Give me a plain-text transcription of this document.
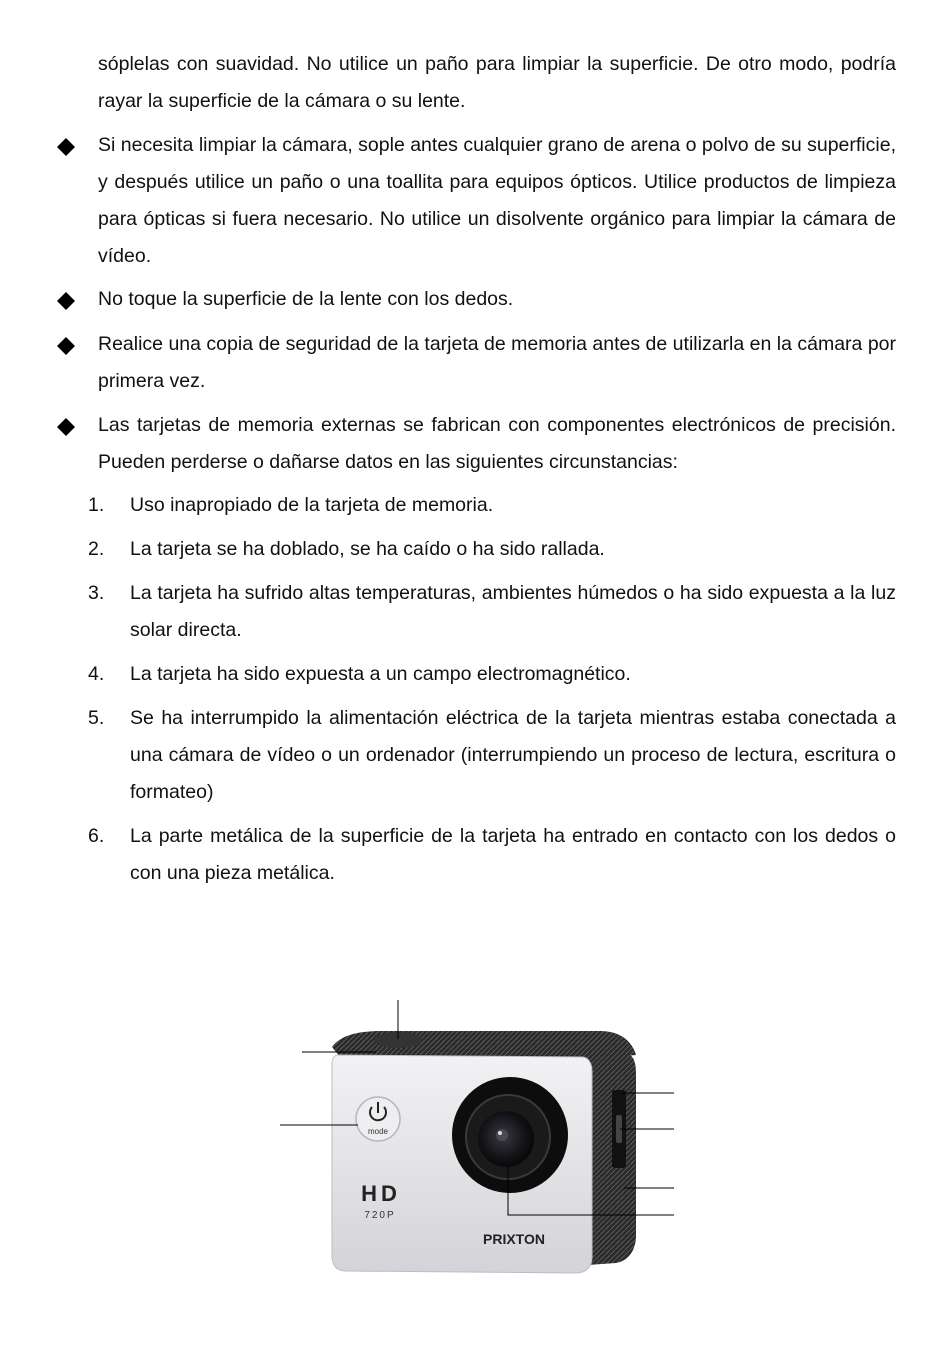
sóplelas con suavidad. No utilice un paño para limpiar la superficie. De otro modo, podría rayar la superficie de la cámara o su lente.
Si necesita limpiar la cámara, sople antes cualquier grano de arena o polvo de su superficie, y después utilice un paño o una toallita para equipos ópticos. Utilice productos de limpieza para ópticas si fuera necesario. No utilice un disolvente orgánico para limpiar la cámara de vídeo.
No toque la superficie de la lente con los dedos.
Realice una copia de seguridad de la tarjeta de memoria antes de utilizarla en la cámara por primera vez.
Las tarjetas de memoria externas se fabrican con componentes electrónicos de precisión. Pueden perderse o dañarse datos en las siguientes circunstancias:
1. Uso inapropiado de la tarjeta de memoria.
2. La tarjeta se ha doblado, se ha caído o ha sido rallada.
3. La tarjeta ha sufrido altas temperaturas, ambientes húmedos o ha sido expuesta a la luz solar directa.
4. La tarjeta ha sido expuesta a un campo electromagnético.
5. Se ha interrumpido la alimentación eléctrica de la tarjeta mientras estaba conectada a una cámara de vídeo o un ordenador (interrumpiendo un proceso de lectura, escritura o formateo)
6. La parte metálica de la superficie de la tarjeta ha entrado en contacto con los dedos o con una pieza metálica.
mode
HD
720P
PRIXTON
